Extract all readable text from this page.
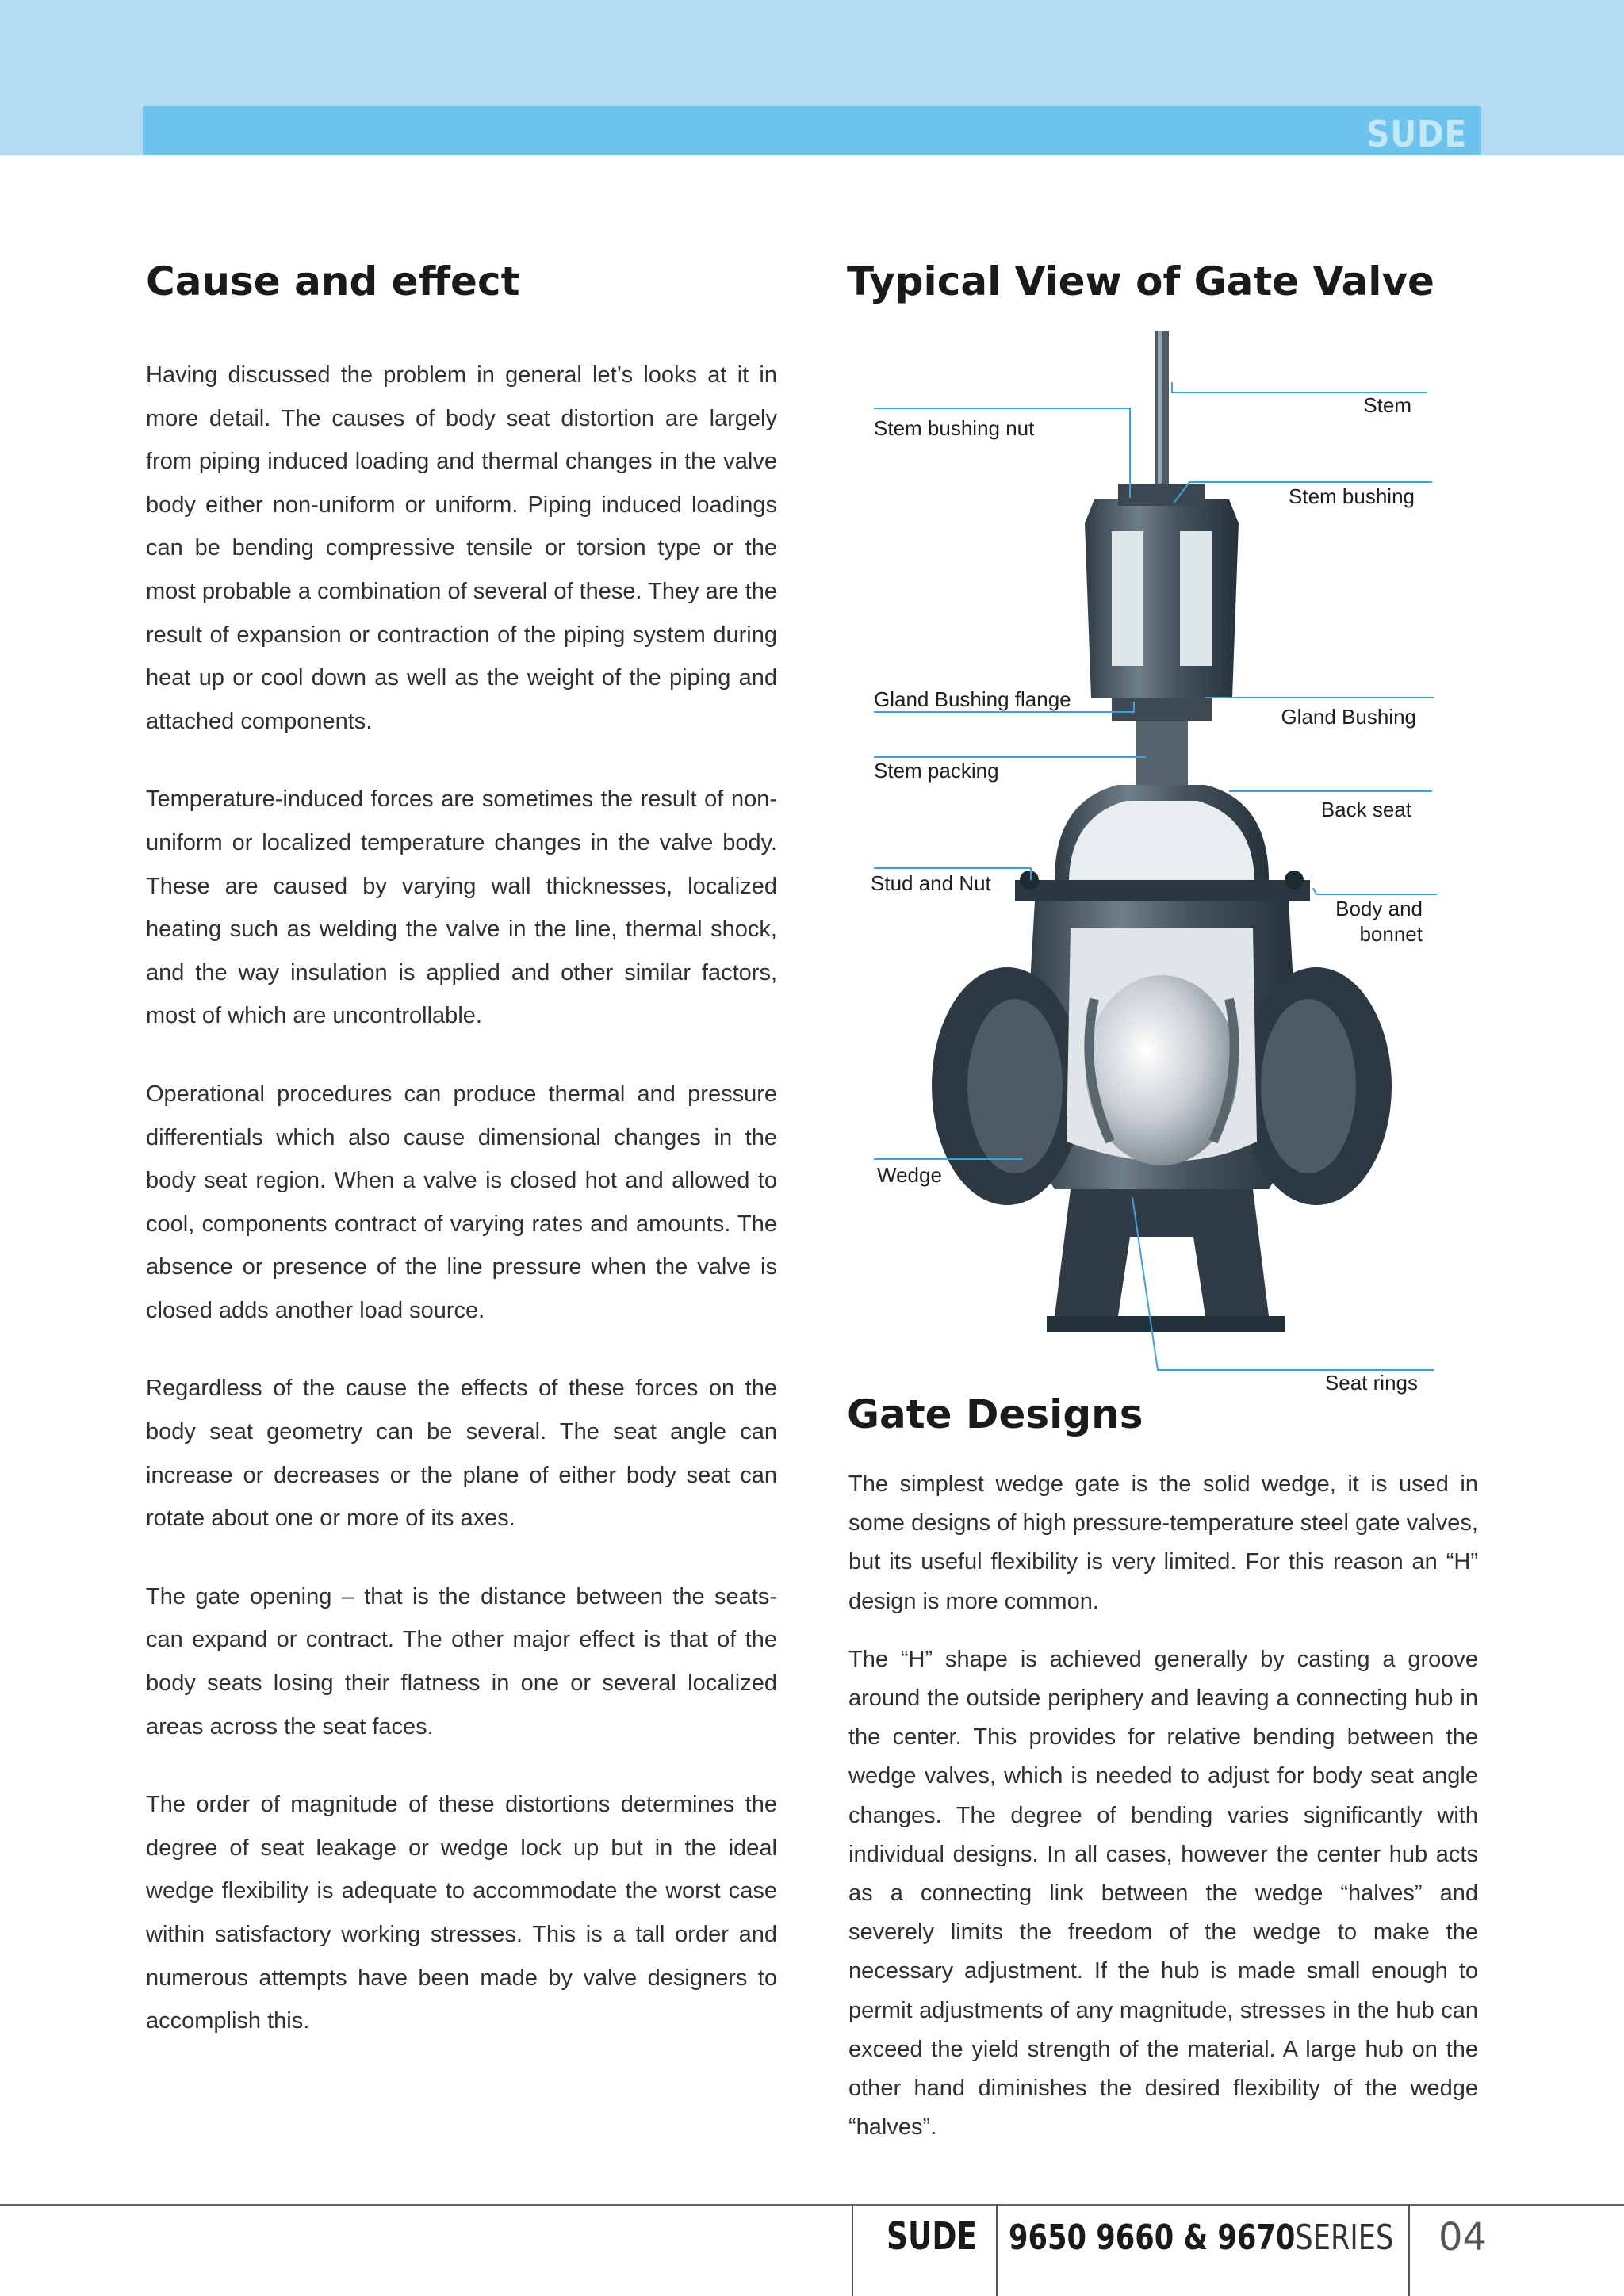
SUDE
Cause and effect

Having discussed the problem in general let’s looks at it in more detail. The causes of body seat distortion are largely from piping induced loading and thermal changes in the valve body either non-uniform or uniform. Piping induced loadings can be bending compressive tensile or torsion type or the most probable a combination of several of these. They are the result of expansion or contraction of the piping system during heat up or cool down as well as the weight of the piping and attached components.

Temperature-induced forces are sometimes the result of non-uniform or localized temperature changes in the valve body. These are caused by varying wall thicknesses, localized heating such as welding the valve in the line, thermal shock, and the way insulation is applied and other similar factors, most of which are uncontrollable.

Operational procedures can produce thermal and pressure differentials which also cause dimensional changes in the body seat region. When a valve is closed hot and allowed to cool, components contract of varying rates and amounts. The absence or presence of the line pressure when the valve is closed adds another load source.

Regardless of the cause the effects of these forces on the body seat geometry can be several. The seat angle can increase or decreases or the plane of either body seat can rotate about one or more of its axes.

The gate opening – that is the distance between the seats-can expand or contract. The other major effect is that of the body seats losing their flatness in one or several localized areas across the seat faces.

The order of magnitude of these distortions determines the degree of seat leakage or wedge lock up but in the ideal wedge flexibility is adequate to accommodate the worst case within satisfactory working stresses. This is a tall order and numerous attempts have been made by valve designers to accomplish this.

Typical View of Gate Valve
Stem
Stem bushing nut
Stem bushing
Gland Bushing flange
Gland Bushing
Stem packing
Back seat
Stud and Nut
Body and
bonnet
Wedge
Seat rings
Gate Designs

The simplest wedge gate is the solid wedge, it is used in some designs of high pressure-temperature steel gate valves, but its useful flexibility is very limited. For this reason an “H” design is more common.

The “H” shape is achieved generally by casting a groove around the outside periphery and leaving a connecting hub in the center. This provides for relative bending between the wedge valves, which is needed to adjust for body seat angle changes. The degree of bending varies significantly with individual designs. In all cases, however the center hub acts as a connecting link between the wedge “halves” and severely limits the freedom of the wedge to make the necessary adjustment. If the hub is made small enough to permit adjustments of any magnitude, stresses in the hub can exceed the yield strength of the material. A large hub on the other hand diminishes the desired flexibility of the wedge “halves”.

SUDE 9650 9660 & 9670SERIES 04
